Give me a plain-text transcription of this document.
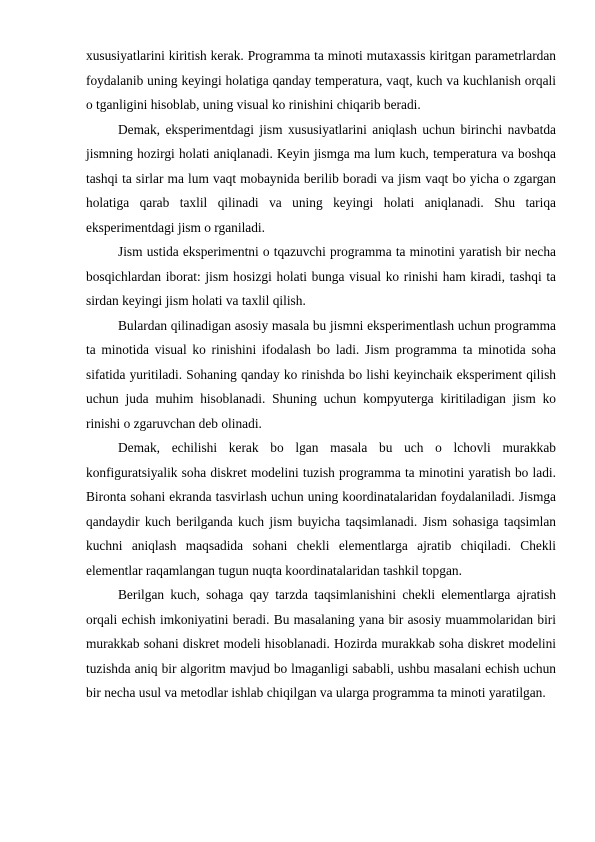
xususiyatlarini kiritish kerak. Programma ta minoti mutaxassis kiritgan parametrlardan foydalanib uning keyingi holatiga qanday temperatura, vaqt, kuch va kuchlanish orqali o tganligini hisoblab, uning visual ko rinishini chiqarib beradi.

Demak, eksperimentdagi jism xususiyatlarini aniqlash uchun birinchi navbatda jismning hozirgi holati aniqlanadi. Keyin jismga ma lum kuch, temperatura va boshqa tashqi ta sirlar ma lum vaqt mobaynida berilib boradi va jism vaqt bo yicha o zgargan holatiga qarab taxlil qilinadi va uning keyingi holati aniqlanadi. Shu tariqa eksperimentdagi jism o rganiladi.

Jism ustida eksperimentni o tqazuvchi programma ta minotini yaratish bir necha bosqichlardan iborat: jism hosizgi holati bunga visual ko rinishi ham kiradi, tashqi ta sirdan keyingi jism holati va taxlil qilish.

Bulardan qilinadigan asosiy masala bu jismni eksperimentlash uchun programma ta minotida visual ko rinishini ifodalash bo ladi. Jism programma ta minotida soha sifatida yuritiladi. Sohaning qanday ko rinishda bo lishi keyinchaik eksperiment qilish uchun juda muhim hisoblanadi. Shuning uchun kompyuterga kiritiladigan jism ko rinishi o zgaruvchan deb olinadi.

Demak, echilishi kerak bo lgan masala bu uch o lchovli murakkab konfiguratsiyalik soha diskret modelini tuzish programma ta minotini yaratish bo ladi. Bironta sohani ekranda tasvirlash uchun uning koordinatalaridan foydalaniladi. Jismga qandaydir kuch berilganda kuch jism buyicha taqsimlanadi. Jism sohasiga taqsimlan kuchni aniqlash maqsadida sohani chekli elementlarga ajratib chiqiladi. Chekli elementlar raqamlangan tugun nuqta koordinatalaridan tashkil topgan.

Berilgan kuch, sohaga qay tarzda taqsimlanishini chekli elementlarga ajratish orqali echish imkoniyatini beradi. Bu masalaning yana bir asosiy muammolaridan biri murakkab sohani diskret modeli hisoblanadi. Hozirda murakkab soha diskret modelini tuzishda aniq bir algoritm mavjud bo lmaganligi sababli, ushbu masalani echish uchun bir necha usul va metodlar ishlab chiqilgan va ularga programma ta minoti yaratilgan.
